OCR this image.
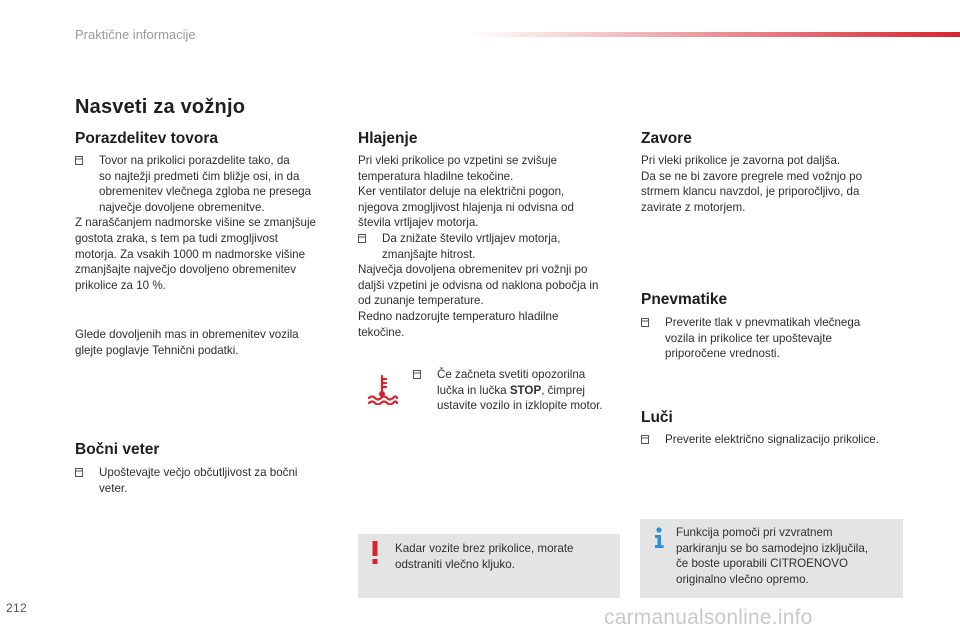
Praktične informacije
Nasveti za vožnjo
Porazdelitev tovora
Tovor na prikolici porazdelite tako, da
so najtežji predmeti čim bližje osi, in da
obremenitev vlečnega zgloba ne presega
največje dovoljene obremenitve.
Z naraščanjem nadmorske višine se zmanjšuje
gostota zraka, s tem pa tudi zmogljivost
motorja. Za vsakih 1000 m nadmorske višine
zmanjšajte največjo dovoljeno obremenitev
prikolice za 10 %.
Glede dovoljenih mas in obremenitev vozila
glejte poglavje Tehnični podatki.
Bočni veter
Upoštevajte večjo občutljivost za bočni
veter.
Hlajenje
Pri vleki prikolice po vzpetini se zvišuje
temperatura hladilne tekočine.
Ker ventilator deluje na električni pogon,
njegova zmogljivost hlajenja ni odvisna od
števila vrtljajev motorja.
Da znižate število vrtljajev motorja,
zmanjšajte hitrost.
Največja dovoljena obremenitev pri vožnji po
daljši vzpetini je odvisna od naklona pobočja in
od zunanje temperature.
Redno nadzorujte temperaturo hladilne
tekočine.
Če začneta svetiti opozorilna
lučka in lučka STOP, čimprej
ustavite vozilo in izklopite motor.
Kadar vozite brez prikolice, morate
odstraniti vlečno kljuko.
Zavore
Pri vleki prikolice je zavorna pot daljša.
Da se ne bi zavore pregrele med vožnjo po
strmem klancu navzdol, je priporočljivo, da
zavirate z motorjem.
Pnevmatike
Preverite tlak v pnevmatikah vlečnega
vozila in prikolice ter upoštevajte
priporočene vrednosti.
Luči
Preverite električno signalizacijo prikolice.
Funkcija pomoči pri vzvratnem
parkiranju se bo samodejno izključila,
če boste uporabili CITROENOVO
originalno vlečno opremo.
212	carmanualsonline.info
